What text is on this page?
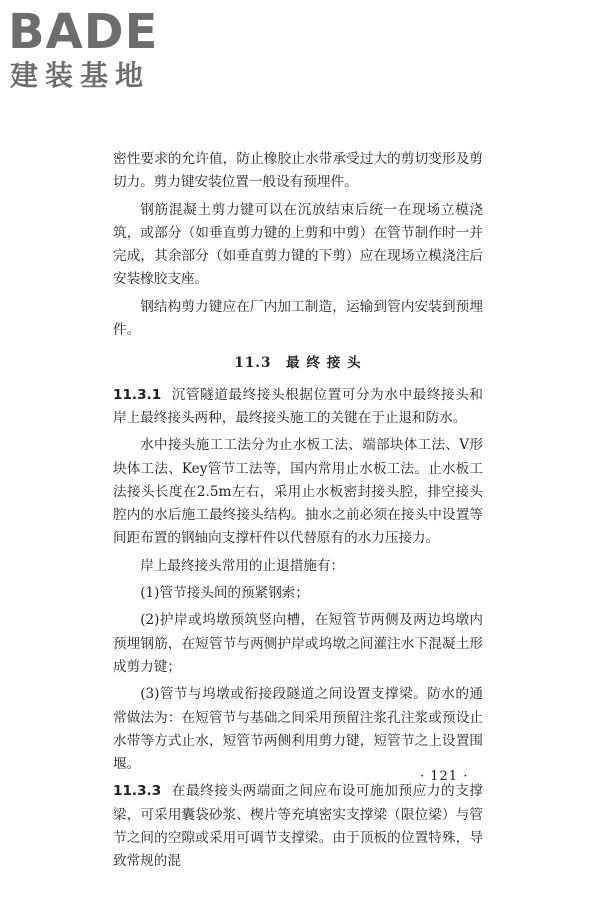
BADE
建装基地

密性要求的允许值，防止橡胶止水带承受过大的剪切变形及剪切力。剪力键安装位置一般设有预埋件。

钢筋混凝土剪力键可以在沉放结束后统一在现场立模浇筑，或部分（如垂直剪力键的上剪和中剪）在管节制作时一并完成，其余部分（如垂直剪力键的下剪）应在现场立模浇注后安装橡胶支座。

钢结构剪力键应在厂内加工制造，运输到管内安装到预埋件。

11.3　最 终 接 头

11.3.1 沉管隧道最终接头根据位置可分为水中最终接头和岸上最终接头两种，最终接头施工的关键在于止退和防水。

水中接头施工工法分为止水板工法、端部块体工法、V形块体工法、Key管节工法等，国内常用止水板工法。止水板工法接头长度在2.5m左右，采用止水板密封接头腔，排空接头腔内的水后施工最终接头结构。抽水之前必须在接头中设置等间距布置的钢轴向支撑杆件以代替原有的水力压接力。

岸上最终接头常用的止退措施有：

(1)管节接头间的预紧钢索；

(2)护岸或坞墩预筑竖向槽，在短管节两侧及两边坞墩内预埋钢筋，在短管节与两侧护岸或坞墩之间灌注水下混凝土形成剪力键；

(3)管节与坞墩或衔接段隧道之间设置支撑梁。防水的通常做法为：在短管节与基础之间采用预留注浆孔注浆或预设止水带等方式止水，短管节两侧利用剪力键，短管节之上设置围堰。

11.3.3 在最终接头两端面之间应布设可施加预应力的支撑梁，可采用囊袋砂浆、楔片等充填密实支撑梁（限位梁）与管节之间的空隙或采用可调节支撑梁。由于顶板的位置特殊，导致常规的混

· 121 ·
